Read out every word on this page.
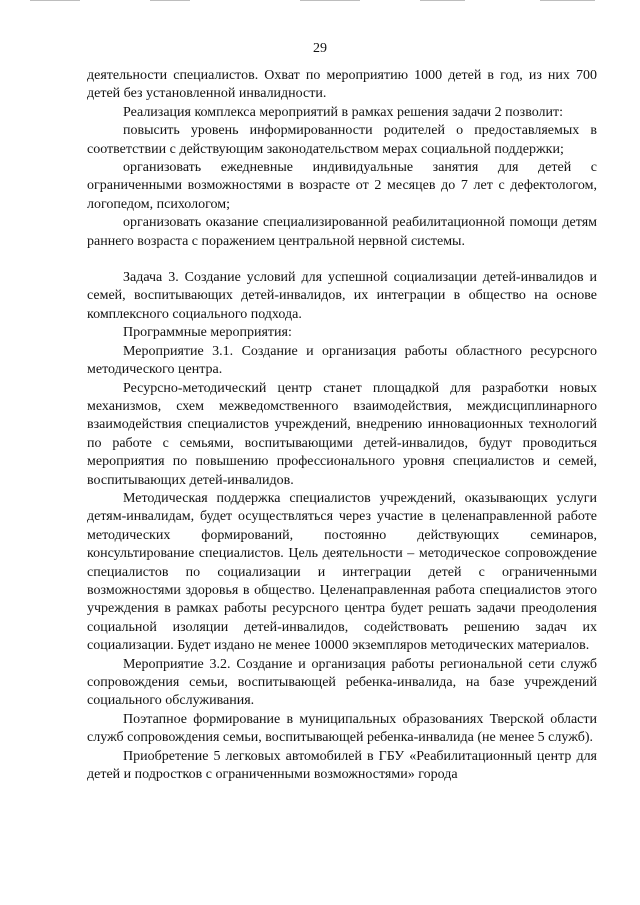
29

деятельности специалистов. Охват по мероприятию 1000 детей в год, из них 700 детей без установленной инвалидности.

Реализация комплекса мероприятий в рамках решения задачи 2 позволит:

повысить уровень информированности родителей о предоставляемых в соответствии с действующим законодательством мерах социальной поддержки;

организовать ежедневные индивидуальные занятия для детей с ограниченными возможностями в возрасте от 2 месяцев до 7 лет с дефектологом, логопедом, психологом;

организовать оказание специализированной реабилитационной помощи детям раннего возраста с поражением центральной нервной системы.

Задача 3. Создание условий для успешной социализации детей-инвалидов и семей, воспитывающих детей-инвалидов, их интеграции в общество на основе комплексного социального подхода.

Программные мероприятия:

Мероприятие 3.1. Создание и организация работы областного ресурсного методического центра.

Ресурсно-методический центр станет площадкой для разработки новых механизмов, схем межведомственного взаимодействия, междисциплинарного взаимодействия специалистов учреждений, внедрению инновационных технологий по работе с семьями, воспитывающими детей-инвалидов, будут проводиться мероприятия по повышению профессионального уровня специалистов и семей, воспитывающих детей-инвалидов.

Методическая поддержка специалистов учреждений, оказывающих услуги детям-инвалидам, будет осуществляться через участие в целенаправленной работе методических формирований, постоянно действующих семинаров, консультирование специалистов. Цель деятельности – методическое сопровождение специалистов по социализации и интеграции детей с ограниченными возможностями здоровья в общество. Целенаправленная работа специалистов этого учреждения в рамках работы ресурсного центра будет решать задачи преодоления социальной изоляции детей-инвалидов, содействовать решению задач их социализации. Будет издано не менее 10000 экземпляров методических материалов.

Мероприятие 3.2. Создание и организация работы региональной сети служб сопровождения семьи, воспитывающей ребенка-инвалида, на базе учреждений социального обслуживания.

Поэтапное формирование в муниципальных образованиях Тверской области служб сопровождения семьи, воспитывающей ребенка-инвалида (не менее 5 служб).

Приобретение 5 легковых автомобилей в ГБУ «Реабилитационный центр для детей и подростков с ограниченными возможностями» города
